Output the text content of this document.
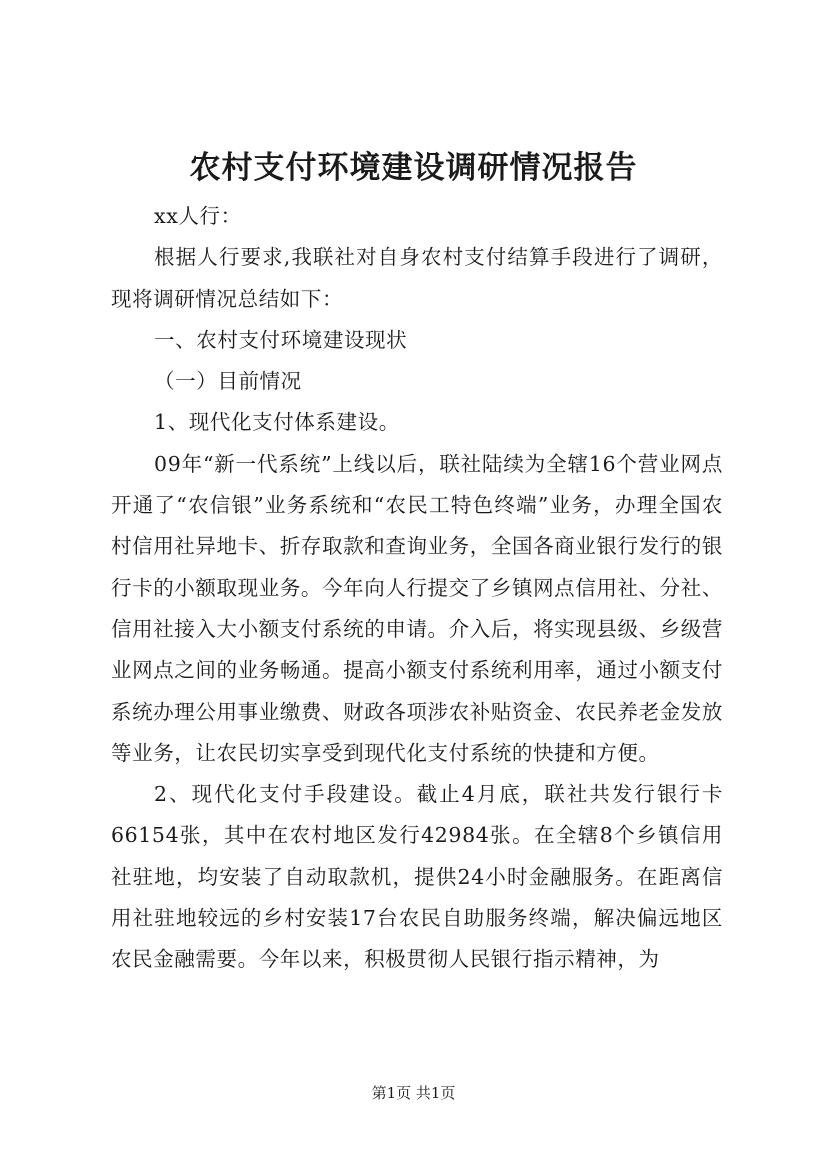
农村支付环境建设调研情况报告

xx人行：

根据人行要求,我联社对自身农村支付结算手段进行了调研，现将调研情况总结如下：

一、农村支付环境建设现状

（一）目前情况

1、现代化支付体系建设。

09年“新一代系统”上线以后，联社陆续为全辖16个营业网点开通了“农信银”业务系统和“农民工特色终端”业务，办理全国农村信用社异地卡、折存取款和查询业务，全国各商业银行发行的银行卡的小额取现业务。今年向人行提交了乡镇网点信用社、分社、信用社接入大小额支付系统的申请。介入后，将实现县级、乡级营业网点之间的业务畅通。提高小额支付系统利用率，通过小额支付系统办理公用事业缴费、财政各项涉农补贴资金、农民养老金发放等业务，让农民切实享受到现代化支付系统的快捷和方便。

2、现代化支付手段建设。截止4月底，联社共发行银行卡66154张，其中在农村地区发行42984张。在全辖8个乡镇信用社驻地，均安装了自动取款机，提供24小时金融服务。在距离信用社驻地较远的乡村安装17台农民自助服务终端，解决偏远地区农民金融需要。今年以来，积极贯彻人民银行指示精神，为

第1页 共1页
